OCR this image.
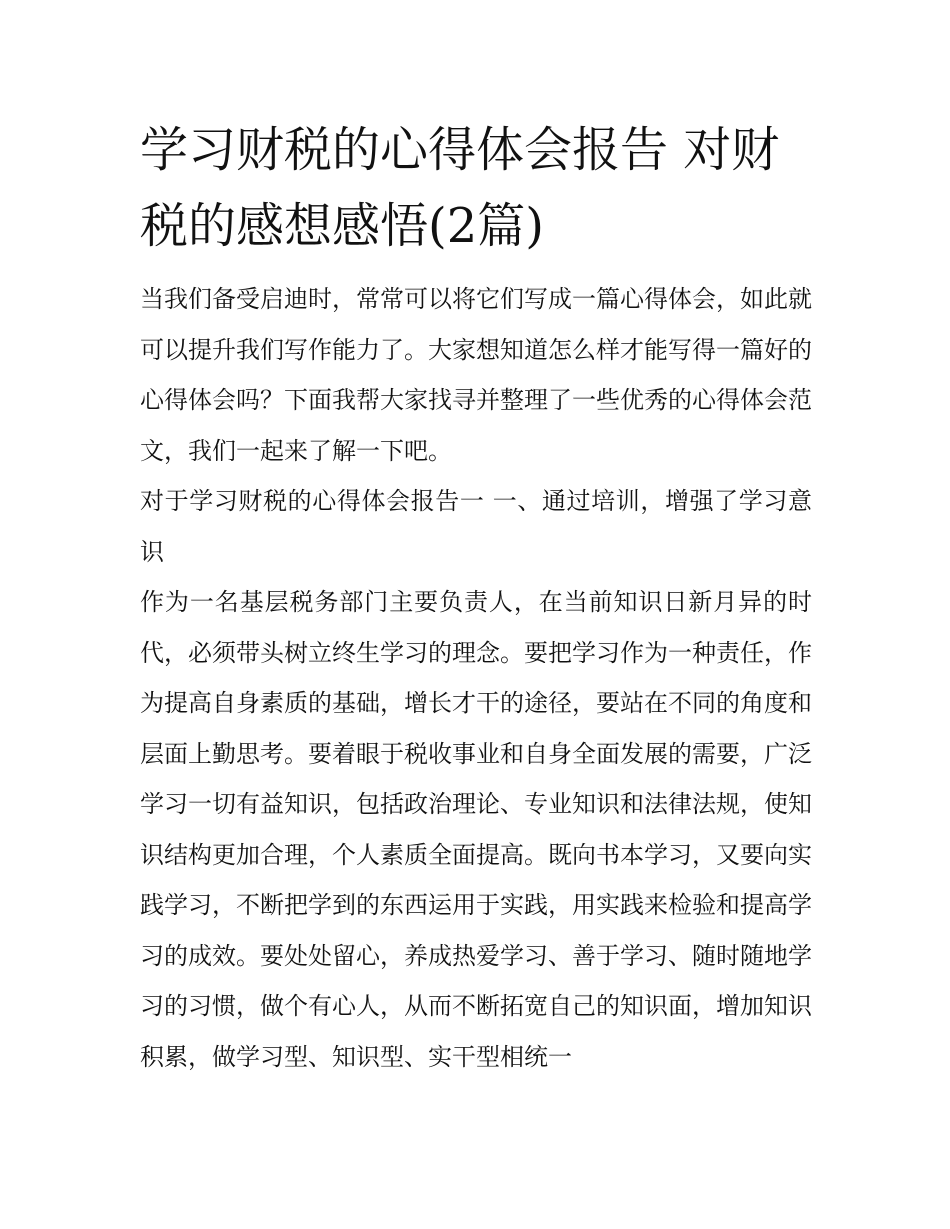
学习财税的心得体会报告 对财税的感想感悟(2篇)

当我们备受启迪时，常常可以将它们写成一篇心得体会，如此就可以提升我们写作能力了。大家想知道怎么样才能写得一篇好的心得体会吗？下面我帮大家找寻并整理了一些优秀的心得体会范文，我们一起来了解一下吧。

对于学习财税的心得体会报告一 一、通过培训，增强了学习意识

作为一名基层税务部门主要负责人，在当前知识日新月异的时代，必须带头树立终生学习的理念。要把学习作为一种责任，作为提高自身素质的基础，增长才干的途径，要站在不同的角度和层面上勤思考。要着眼于税收事业和自身全面发展的需要，广泛学习一切有益知识，包括政治理论、专业知识和法律法规，使知识结构更加合理，个人素质全面提高。既向书本学习，又要向实践学习，不断把学到的东西运用于实践，用实践来检验和提高学习的成效。要处处留心，养成热爱学习、善于学习、随时随地学习的习惯，做个有心人，从而不断拓宽自己的知识面，增加知识积累，做学习型、知识型、实干型相统一
